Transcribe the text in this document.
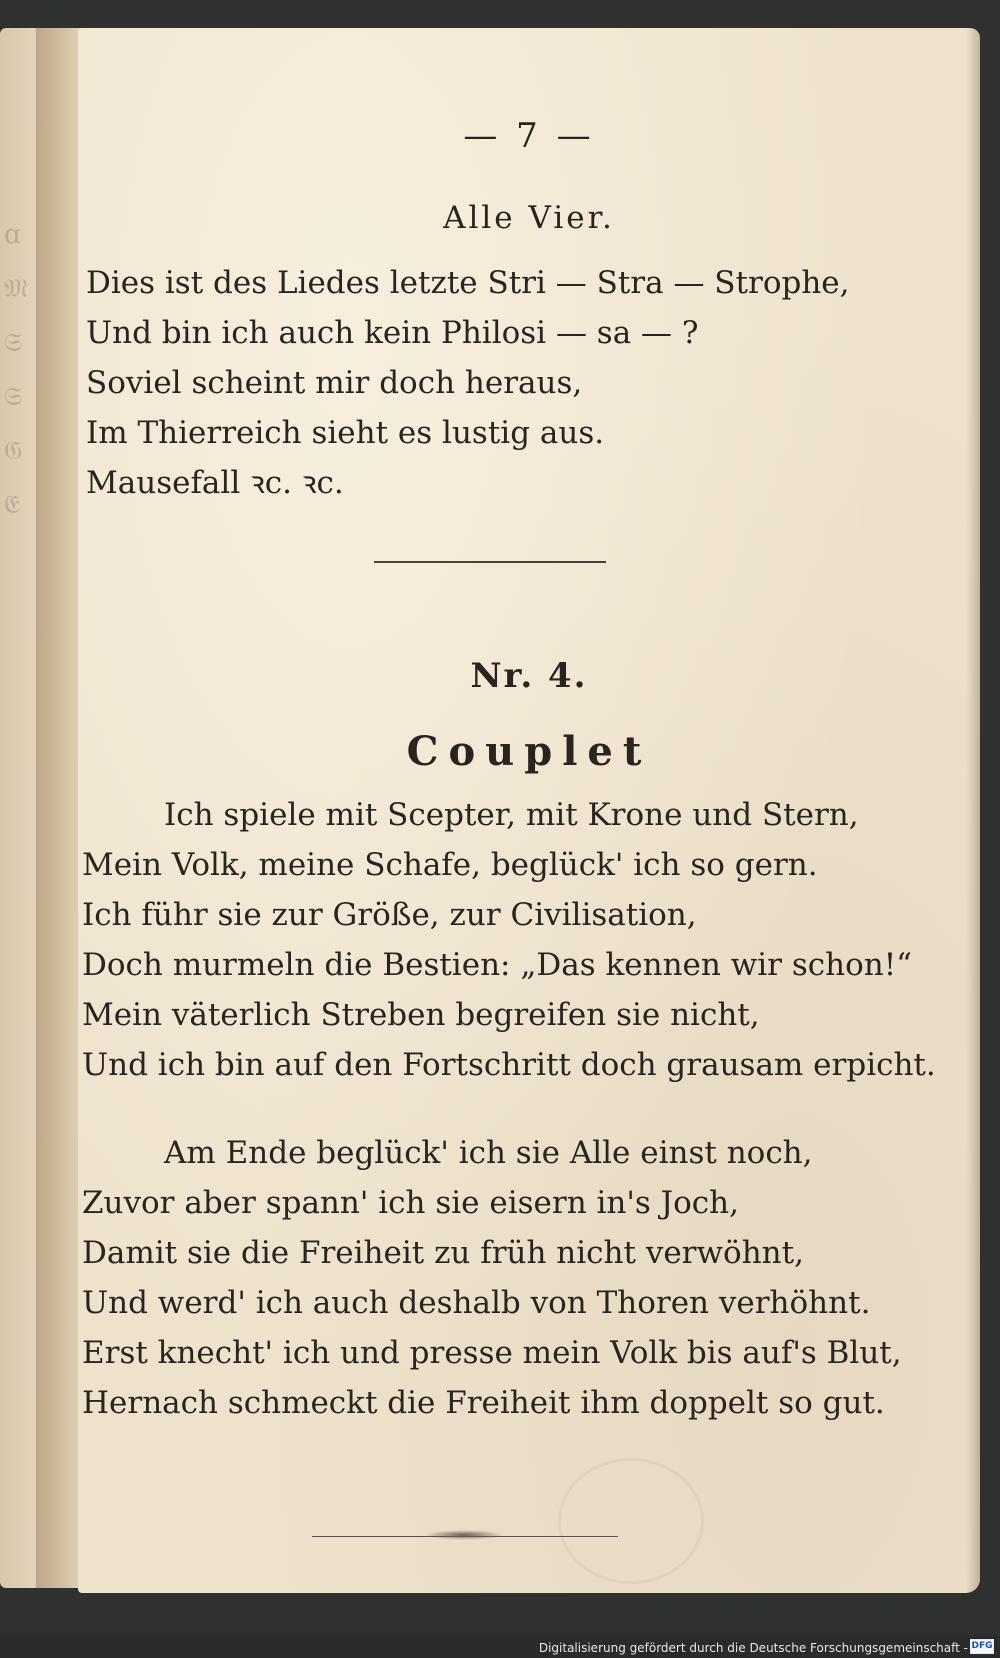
ɑ
𝔐
𝔖
𝔖
𝔊
𝔈
— 7 —
Alle Vier.
Dies ist des Liedes letzte Stri — Stra — Strophe,
Und bin ich auch kein Philosi — sa — ?
Soviel scheint mir doch heraus,
Im Thierreich sieht es lustig aus.
Mausefall ꝛc. ꝛc.
Nr. 4.
Couplet
Ich spiele mit Scepter, mit Krone und Stern,
Mein Volk, meine Schafe, beglück' ich so gern.
Ich führ sie zur Größe, zur Civilisation,
Doch murmeln die Bestien: „Das kennen wir schon!“
Mein väterlich Streben begreifen sie nicht,
Und ich bin auf den Fortschritt doch grausam erpicht.
Am Ende beglück' ich sie Alle einst noch,
Zuvor aber spann' ich sie eisern in's Joch,
Damit sie die Freiheit zu früh nicht verwöhnt,
Und werd' ich auch deshalb von Thoren verhöhnt.
Erst knecht' ich und presse mein Volk bis auf's Blut,
Hernach schmeckt die Freiheit ihm doppelt so gut.
Digitalisierung gefördert durch die Deutsche Forschungsgemeinschaft - DFG
